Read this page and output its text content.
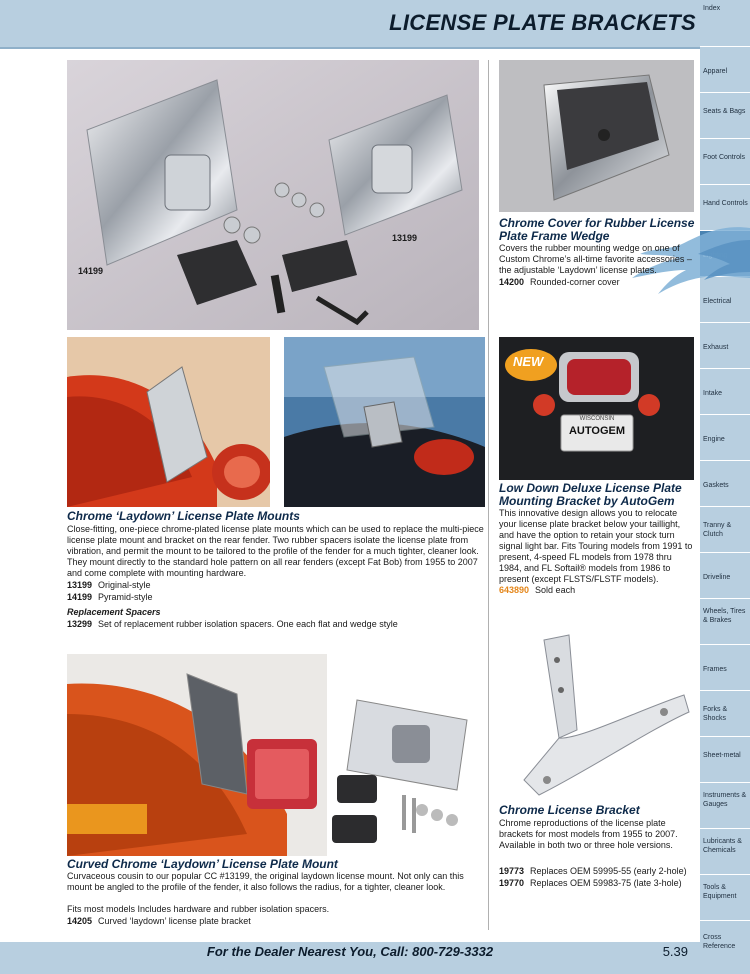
LICENSE PLATE BRACKETS
Index
Apparel
Seats & Bags
Foot Controls
Hand Controls
Electrical
Exhaust
Intake
Engine
Gaskets
Tranny & Clutch
Driveline
Wheels, Tires & Brakes
Frames
Forks & Shocks
Sheet-metal
Instruments & Gauges
Lubricants & Chemicals
Tools & Equipment
Cross Reference
14199
13199
Chrome ‘Laydown’ License Plate Mounts
Close-fitting, one-piece chrome-plated license plate mounts which can be used to replace the multi-piece license plate mount and bracket on the rear fender. Two rubber spacers isolate the license plate from vibration, and permit the mount to be tailored to the profile of the fender for a much tighter, cleaner look. They mount directly to the standard hole pattern on all rear fenders (except Fat Bob) from 1955 to 2007 and come complete with mounting hardware.
13199 Original-style
14199 Pyramid-style
Replacement Spacers
13299 Set of replacement rubber isolation spacers. One each flat and wedge style
Curved Chrome ‘Laydown’ License Plate Mount
Curvaceous cousin to our popular CC #13199, the original laydown license mount. Not only can this mount be angled to the profile of the fender, it also follows the radius, for a tighter, cleaner look.
Fits most models Includes hardware and rubber isolation spacers.
14205 Curved ‘laydown’ license plate bracket
Chrome Cover for Rubber License Plate Frame Wedge
Covers the rubber mounting wedge on one of Custom Chrome’s all-time favorite accessories – the adjustable ‘Laydown’ license plates.
14200 Rounded-corner cover
NEW
WISCONSIN
AUTOGEM
Low Down Deluxe License Plate Mounting Bracket by AutoGem
This innovative design allows you to relocate your license plate bracket below your taillight, and have the option to retain your stock turn signal light bar. Fits Touring models from 1991 to present, 4-speed FL models from 1978 thru 1984, and FL Softail® models from 1986 to present (except FLSTS/FLSTF models).
643890 Sold each
Chrome License Bracket
Chrome reproductions of the license plate brackets for most models from 1955 to 2007. Available in both two or three hole versions.
19773 Replaces OEM 59995-55 (early 2-hole)
19770 Replaces OEM 59983-75 (late 3-hole)
For the Dealer Nearest You, Call: 800-729-3332	5.39
